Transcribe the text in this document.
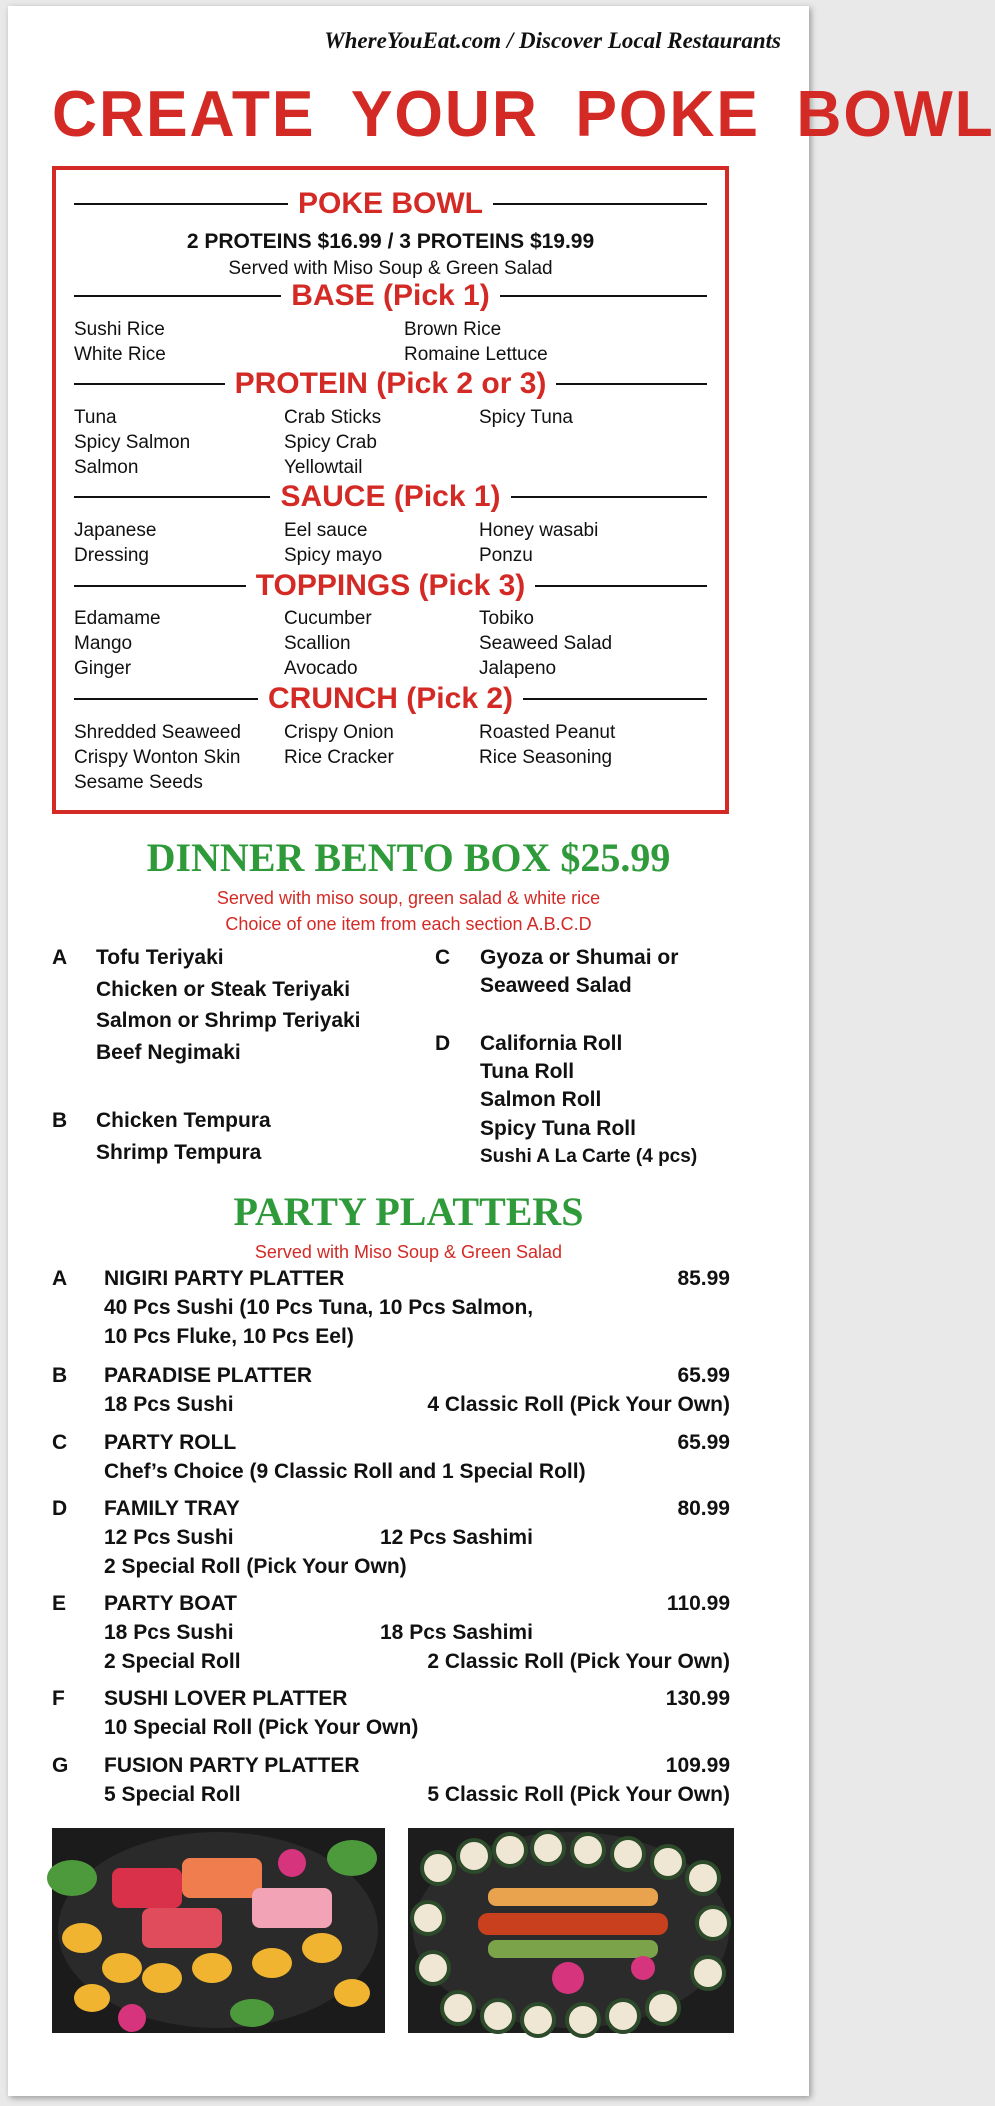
WhereYouEat.com / Discover Local Restaurants
CREATE YOUR POKE BOWL
POKE BOWL
2 PROTEINS $16.99 / 3 PROTEINS $19.99
Served with Miso Soup & Green Salad
BASE (Pick 1)
Sushi Rice
White Rice
Brown Rice
Romaine Lettuce
PROTEIN (Pick 2 or 3)
Tuna
Spicy Salmon
Salmon
Crab Sticks
Spicy Crab
Yellowtail
Spicy Tuna
SAUCE (Pick 1)
Japanese
Dressing
Eel sauce
Spicy mayo
Honey wasabi
Ponzu
TOPPINGS (Pick 3)
Edamame
Mango
Ginger
Cucumber
Scallion
Avocado
Tobiko
Seaweed Salad
Jalapeno
CRUNCH (Pick 2)
Shredded Seaweed
Crispy Wonton Skin
Sesame Seeds
Crispy Onion
Rice Cracker
Roasted Peanut
Rice Seasoning
DINNER BENTO BOX $25.99
Served with miso soup, green salad & white rice
Choice of one item from each section A.B.C.D
A Tofu Teriyaki
Chicken or Steak Teriyaki
Salmon or Shrimp Teriyaki
Beef Negimaki
B Chicken Tempura
Shrimp Tempura
C Gyoza or Shumai or
Seaweed Salad
D California Roll
Tuna Roll
Salmon Roll
Spicy Tuna Roll
Sushi A La Carte (4 pcs)
PARTY PLATTERS
Served with Miso Soup & Green Salad
A NIGIRI PARTY PLATTER	85.99
40 Pcs Sushi (10 Pcs Tuna, 10 Pcs Salmon,
10 Pcs Fluke, 10 Pcs Eel)
B PARADISE PLATTER	65.99
18 Pcs Sushi	4 Classic Roll (Pick Your Own)
C PARTY ROLL	65.99
Chef’s Choice (9 Classic Roll and 1 Special Roll)
D FAMILY TRAY	80.99
12 Pcs Sushi	12 Pcs Sashimi
2 Special Roll (Pick Your Own)
E PARTY BOAT	110.99
18 Pcs Sushi	18 Pcs Sashimi
2 Special Roll	2 Classic Roll (Pick Your Own)
F SUSHI LOVER PLATTER	130.99
10 Special Roll (Pick Your Own)
G FUSION PARTY PLATTER	109.99
5 Special Roll	5 Classic Roll (Pick Your Own)
